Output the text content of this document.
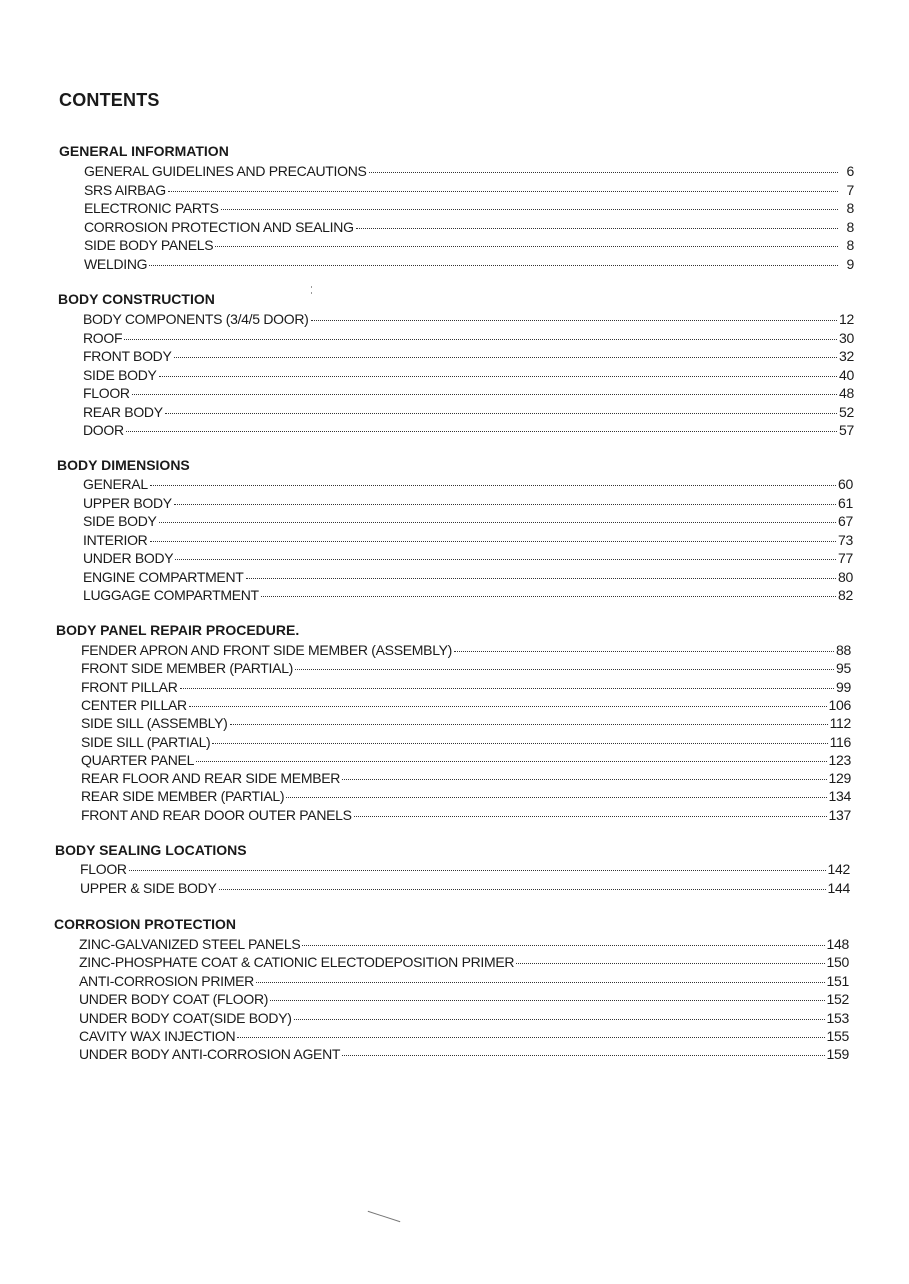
CONTENTS
GENERAL INFORMATION
GENERAL GUIDELINES AND PRECAUTIONS	6
SRS AIRBAG	7
ELECTRONIC PARTS	8
CORROSION PROTECTION AND SEALING	8
SIDE BODY PANELS	8
WELDING	9
BODY CONSTRUCTION
BODY COMPONENTS (3/4/5 DOOR)	12
ROOF	30
FRONT BODY	32
SIDE BODY	40
FLOOR	48
REAR BODY	52
DOOR	57
BODY DIMENSIONS
GENERAL	60
UPPER BODY	61
SIDE BODY	67
INTERIOR	73
UNDER BODY	77
ENGINE COMPARTMENT	80
LUGGAGE COMPARTMENT	82
BODY PANEL REPAIR PROCEDURE.
FENDER APRON AND FRONT SIDE MEMBER (ASSEMBLY)	88
FRONT SIDE MEMBER (PARTIAL)	95
FRONT PILLAR	99
CENTER PILLAR	106
SIDE SILL (ASSEMBLY)	112
SIDE SILL (PARTIAL)	116
QUARTER PANEL	123
REAR FLOOR AND REAR SIDE MEMBER	129
REAR SIDE MEMBER (PARTIAL)	134
FRONT AND REAR DOOR OUTER PANELS	137
BODY SEALING LOCATIONS
FLOOR	142
UPPER & SIDE BODY	144
CORROSION PROTECTION
ZINC-GALVANIZED STEEL PANELS	148
ZINC-PHOSPHATE COAT & CATIONIC ELECTODEPOSITION PRIMER	150
ANTI-CORROSION PRIMER	151
UNDER BODY COAT (FLOOR)	152
UNDER BODY COAT(SIDE BODY)	153
CAVITY WAX INJECTION	155
UNDER BODY ANTI-CORROSION AGENT	159
